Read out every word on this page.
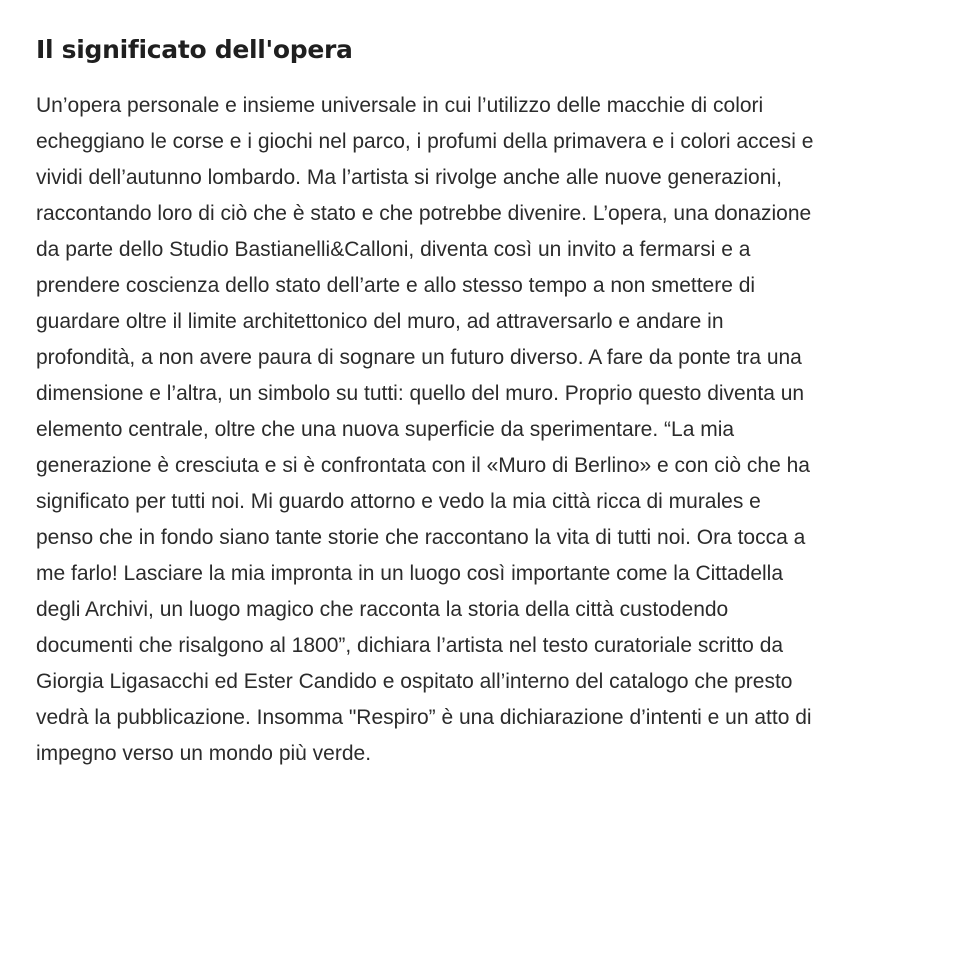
Il significato dell'opera

Un’opera personale e insieme universale in cui l’utilizzo delle macchie di colori
echeggiano le corse e i giochi nel parco, i profumi della primavera e i colori accesi e
vividi dell’autunno lombardo. Ma l’artista si rivolge anche alle nuove generazioni,
raccontando loro di ciò che è stato e che potrebbe divenire. L’opera, una donazione
da parte dello Studio Bastianelli&Calloni, diventa così un invito a fermarsi e a
prendere coscienza dello stato dell’arte e allo stesso tempo a non smettere di
guardare oltre il limite architettonico del muro, ad attraversarlo e andare in
profondità, a non avere paura di sognare un futuro diverso. A fare da ponte tra una
dimensione e l’altra, un simbolo su tutti: quello del muro. Proprio questo diventa un
elemento centrale, oltre che una nuova superficie da sperimentare. “La mia
generazione è cresciuta e si è confrontata con il «Muro di Berlino» e con ciò che ha
significato per tutti noi. Mi guardo attorno e vedo la mia città ricca di murales e
penso che in fondo siano tante storie che raccontano la vita di tutti noi. Ora tocca a
me farlo! Lasciare la mia impronta in un luogo così importante come la Cittadella
degli Archivi, un luogo magico che racconta la storia della città custodendo
documenti che risalgono al 1800”, dichiara l’artista nel testo curatoriale scritto da
Giorgia Ligasacchi ed Ester Candido e ospitato all’interno del catalogo che presto
vedrà la pubblicazione. Insomma "Respiro” è una dichiarazione d’intenti e un atto di
impegno verso un mondo più verde.
